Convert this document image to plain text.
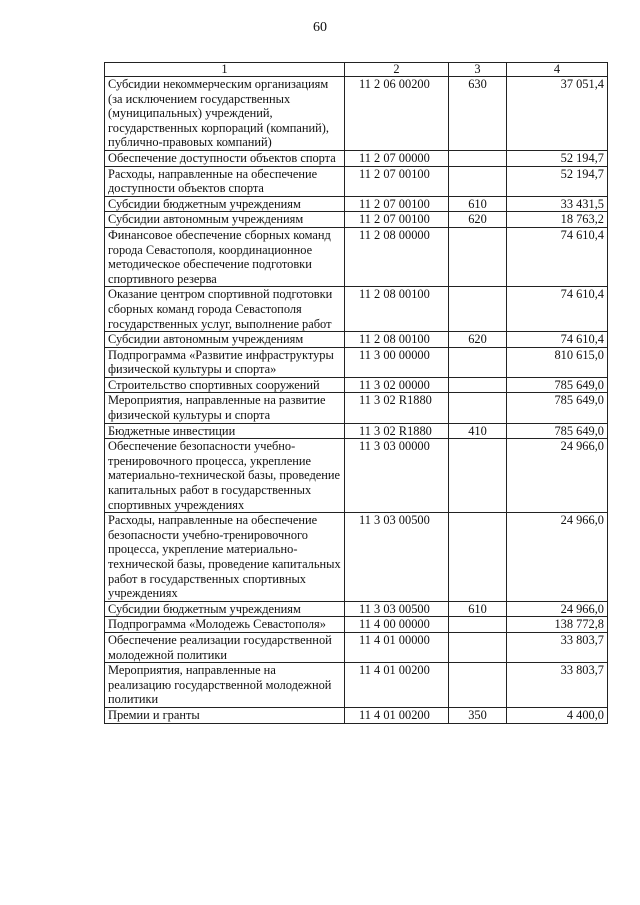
60
1	2	3	4
Субсидии некоммерческим организациям (за исключением государственных (муниципальных) учреждений, государственных корпораций (компаний), публично-правовых компаний)	11 2 06 00200	630	37 051,4
Обеспечение доступности объектов спорта	11 2 07 00000		52 194,7
Расходы, направленные на обеспечение доступности объектов спорта	11 2 07 00100		52 194,7
Субсидии бюджетным учреждениям	11 2 07 00100	610	33 431,5
Субсидии автономным учреждениям	11 2 07 00100	620	18 763,2
Финансовое обеспечение сборных команд города Севастополя, координационное методическое обеспечение подготовки спортивного резерва	11 2 08 00000		74 610,4
Оказание центром спортивной подготовки сборных команд города Севастополя государственных услуг, выполнение работ	11 2 08 00100		74 610,4
Субсидии автономным учреждениям	11 2 08 00100	620	74 610,4
Подпрограмма «Развитие инфраструктуры физической культуры и спорта»	11 3 00 00000		810 615,0
Строительство спортивных сооружений	11 3 02 00000		785 649,0
Мероприятия, направленные на развитие физической культуры и спорта	11 3 02 R1880		785 649,0
Бюджетные инвестиции	11 3 02 R1880	410	785 649,0
Обеспечение безопасности учебно-тренировочного процесса, укрепление материально-технической базы, проведение капитальных работ в государственных спортивных учреждениях	11 3 03 00000		24 966,0
Расходы, направленные на обеспечение безопасности учебно-тренировочного процесса, укрепление материально-технической базы, проведение капитальных работ в государственных спортивных учреждениях	11 3 03 00500		24 966,0
Субсидии бюджетным учреждениям	11 3 03 00500	610	24 966,0
Подпрограмма «Молодежь Севастополя»	11 4 00 00000		138 772,8
Обеспечение реализации государственной молодежной политики	11 4 01 00000		33 803,7
Мероприятия, направленные на реализацию государственной молодежной политики	11 4 01 00200		33 803,7
Премии и гранты	11 4 01 00200	350	4 400,0
